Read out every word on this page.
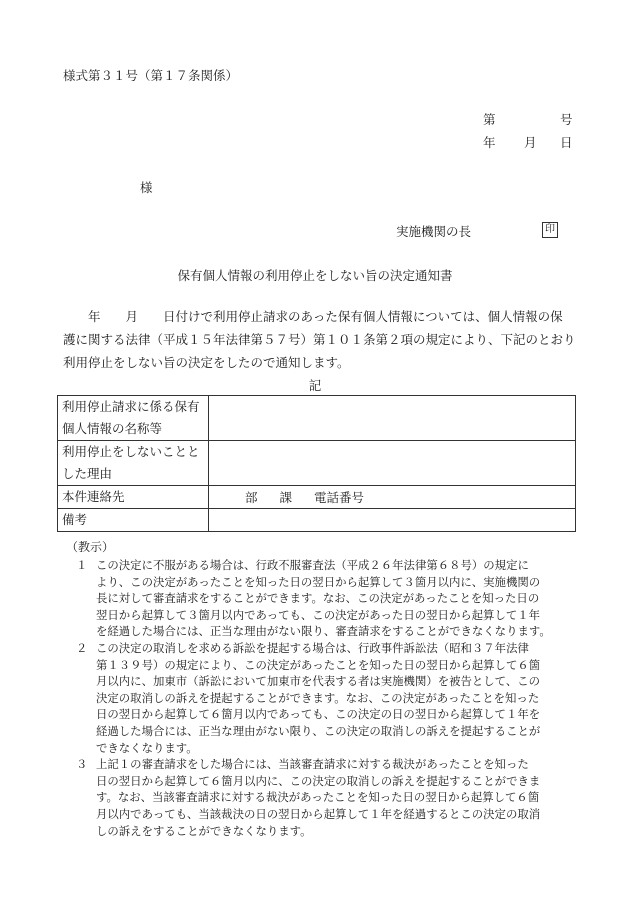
様式第３１号（第１７条関係）
第	号
年 月 日
様
実施機関の長	印
保有個人情報の利用停止をしない旨の決定通知書
　　年　　月　　日付けで利用停止請求のあった保有個人情報については、個人情報の保
護に関する法律（平成１５年法律第５７号）第１０１条第２項の規定により、下記のとおり
利用停止をしない旨の決定をしたので通知します。
記
利用停止請求に係る保有
個人情報の名称等	

利用停止をしないことと
した理由	

本件連絡先	部 課 電話番号

備考	

（教示）
１ この決定に不服がある場合は、行政不服審査法（平成２６年法律第６８号）の規定に
より、この決定があったことを知った日の翌日から起算して３箇月以内に、実施機関の
長に対して審査請求をすることができます。なお、この決定があったことを知った日の
翌日から起算して３箇月以内であっても、この決定があった日の翌日から起算して１年
を経過した場合には、正当な理由がない限り、審査請求をすることができなくなります。
２ この決定の取消しを求める訴訟を提起する場合は、行政事件訴訟法（昭和３７年法律
第１３９号）の規定により、この決定があったことを知った日の翌日から起算して６箇
月以内に、加東市（訴訟において加東市を代表する者は実施機関）を被告として、この
決定の取消しの訴えを提起することができます。なお、この決定があったことを知った
日の翌日から起算して６箇月以内であっても、この決定の日の翌日から起算して１年を
経過した場合には、正当な理由がない限り、この決定の取消しの訴えを提起することが
できなくなります。
３ 上記１の審査請求をした場合には、当該審査請求に対する裁決があったことを知った
日の翌日から起算して６箇月以内に、この決定の取消しの訴えを提起することができま
す。なお、当該審査請求に対する裁決があったことを知った日の翌日から起算して６箇
月以内であっても、当該裁決の日の翌日から起算して１年を経過するとこの決定の取消
しの訴えをすることができなくなります。
